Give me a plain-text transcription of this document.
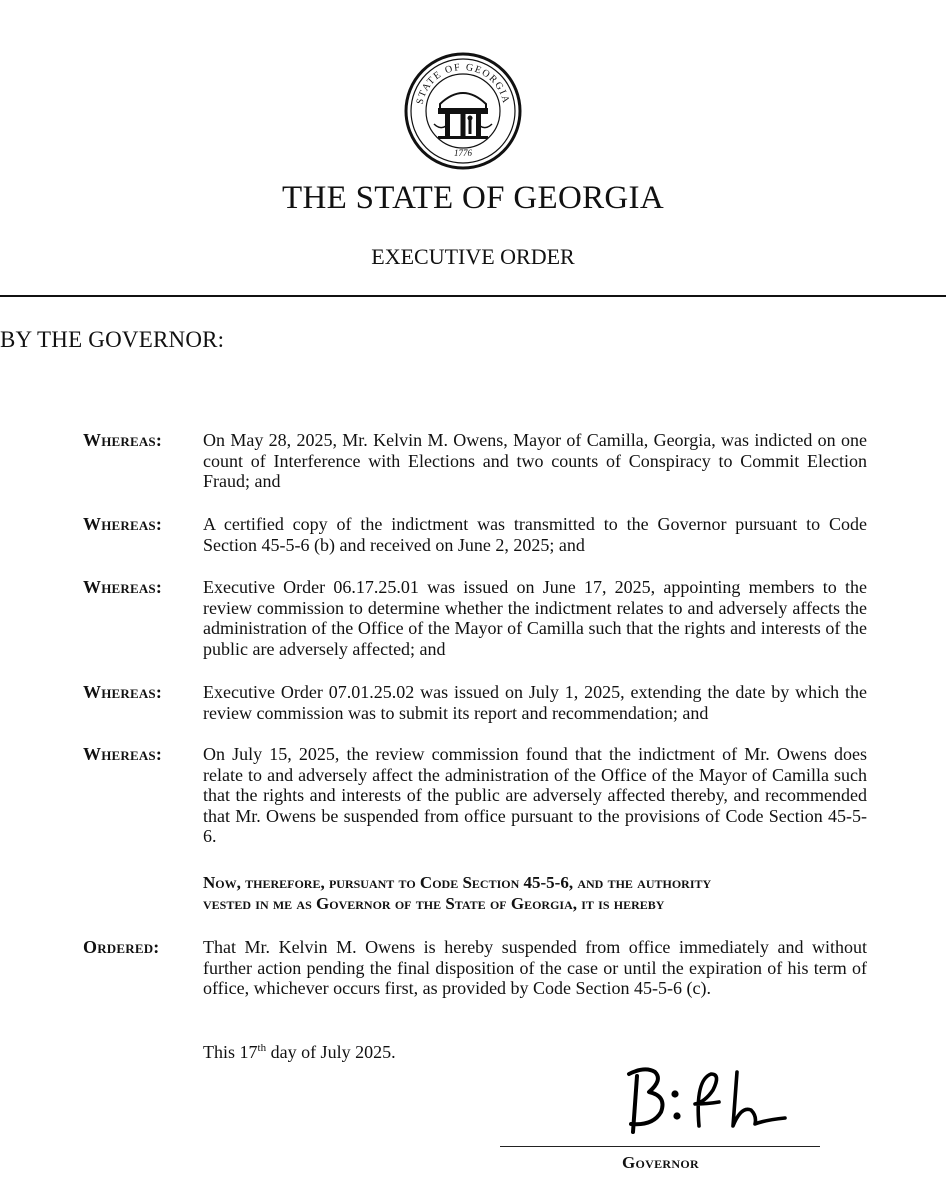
STATE OF GEORGIA
1776
THE STATE OF GEORGIA
EXECUTIVE ORDER
BY THE GOVERNOR:
Whereas: On May 28, 2025, Mr. Kelvin M. Owens, Mayor of Camilla, Georgia, was indicted on one count of Interference with Elections and two counts of Conspiracy to Commit Election Fraud; and
Whereas: A certified copy of the indictment was transmitted to the Governor pursuant to Code Section 45-5-6 (b) and received on June 2, 2025; and
Whereas: Executive Order 06.17.25.01 was issued on June 17, 2025, appointing members to the review commission to determine whether the indictment relates to and adversely affects the administration of the Office of the Mayor of Camilla such that the rights and interests of the public are adversely affected; and
Whereas: Executive Order 07.01.25.02 was issued on July 1, 2025, extending the date by which the review commission was to submit its report and recommendation; and
Whereas: On July 15, 2025, the review commission found that the indictment of Mr. Owens does relate to and adversely affect the administration of the Office of the Mayor of Camilla such that the rights and interests of the public are adversely affected thereby, and recommended that Mr. Owens be suspended from office pursuant to the provisions of Code Section 45-5-6.
Now, therefore, pursuant to Code Section 45-5-6, and the authority
vested in me as Governor of the State of Georgia, it is hereby
Ordered: That Mr. Kelvin M. Owens is hereby suspended from office immediately and without further action pending the final disposition of the case or until the expiration of his term of office, whichever occurs first, as provided by Code Section 45-5-6 (c).
This 17th day of July 2025.
Governor
